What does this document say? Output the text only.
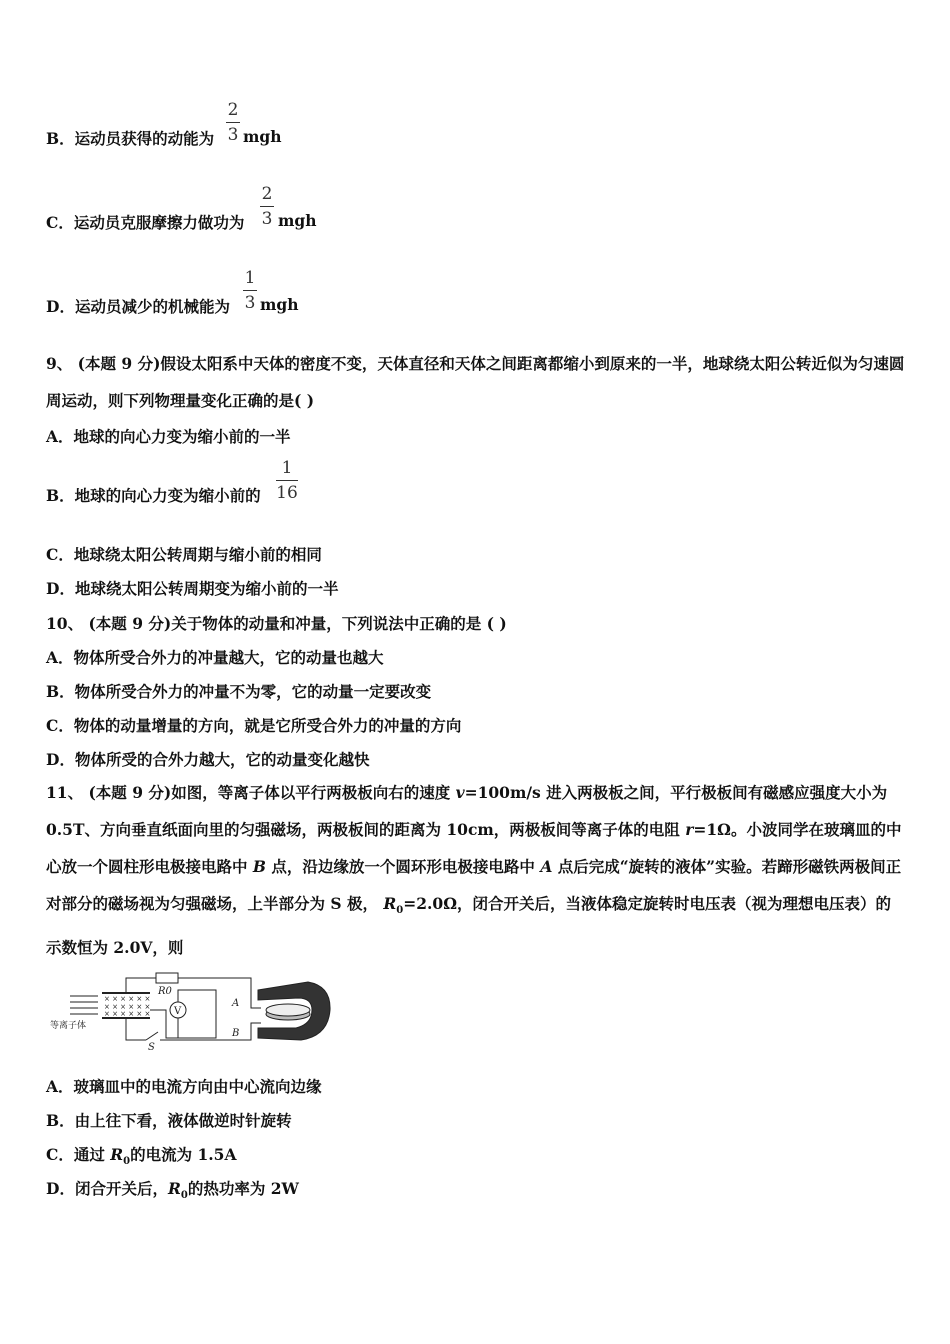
B．运动员获得的动能为
2
3 mgh
C．运动员克服摩擦力做功为
2
3 mgh
D．运动员减少的机械能为
1
3 mgh
9、 (本题 9 分)假设太阳系中天体的密度不变，天体直径和天体之间距离都缩小到原来的一半，地球绕太阳公转近似为匀速圆周运动，则下列物理量变化正确的是( )
A．地球的向心力变为缩小前的一半
B．地球的向心力变为缩小前的
1
16
C．地球绕太阳公转周期与缩小前的相同
D．地球绕太阳公转周期变为缩小前的一半
10、 (本题 9 分)关于物体的动量和冲量，下列说法中正确的是 ( )
A．物体所受合外力的冲量越大，它的动量也越大
B．物体所受合外力的冲量不为零，它的动量一定要改变
C．物体的动量增量的方向，就是它所受合外力的冲量的方向
D．物体所受的合外力越大，它的动量变化越快
11、 (本题 9 分)如图，等离子体以平行两极板向右的速度 v=100m/s 进入两极板之间，平行极板间有磁感应强度大小为0.5T、方向垂直纸面向里的匀强磁场，两极板间的距离为 10cm，两极板间等离子体的电阻 r=1Ω。小波同学在玻璃皿的中心放一个圆柱形电极接电路中 B 点，沿边缘放一个圆环形电极接电路中 A 点后完成“旋转的液体”实验。若蹄形磁铁两极间正对部分的磁场视为匀强磁场，上半部分为 S 极， $R_0=2.0\Omega$，闭合开关后，当液体稳定旋转时电压表（视为理想电压表）的示数恒为 2.0V，则
× × × × × ×
× × × × × ×
× × × × × ×
R0
V
A
B
S
等离子体
A．玻璃皿中的电流方向由中心流向边缘
B．由上往下看，液体做逆时针旋转
C．通过 $R_0$的电流为 1.5A
D．闭合开关后，$R_0$的热功率为 2W
